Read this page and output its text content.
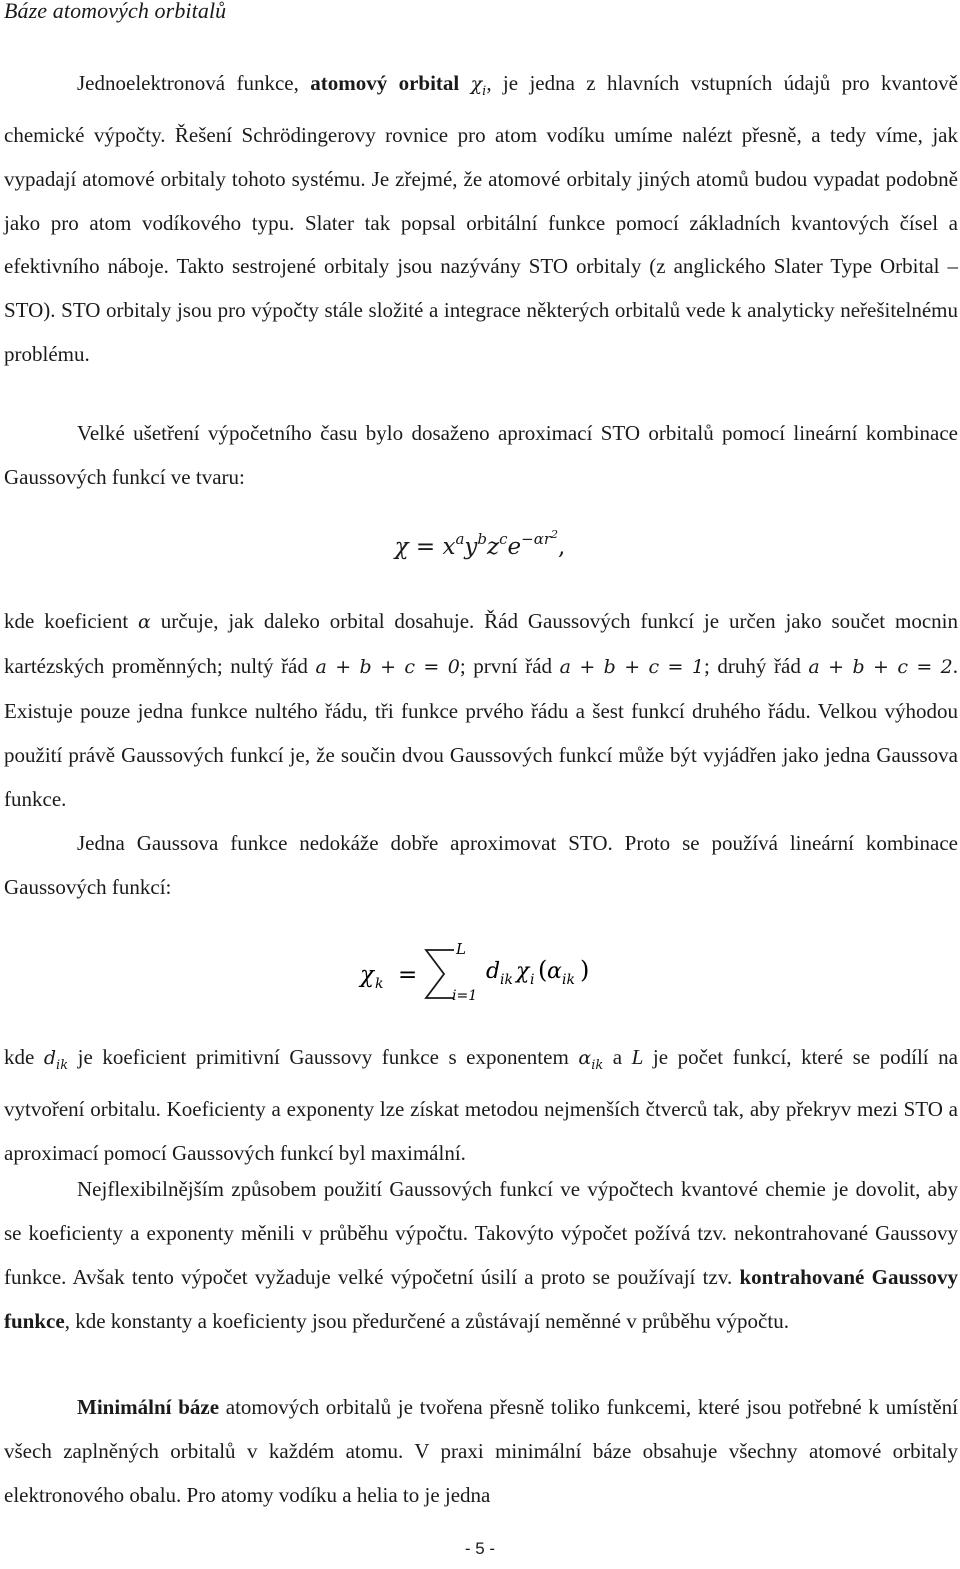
Báze atomových orbitalů

Jednoelektronová funkce, atomový orbital $\chi_i$, je jedna z hlavních vstupních údajů pro kvantově chemické výpočty. Řešení Schrödingerovy rovnice pro atom vodíku umíme nalézt přesně, a tedy víme, jak vypadají atomové orbitaly tohoto systému. Je zřejmé, že atomové orbitaly jiných atomů budou vypadat podobně jako pro atom vodíkového typu. Slater tak popsal orbitální funkce pomocí základních kvantových čísel a efektivního náboje. Takto sestrojené orbitaly jsou nazývány STO orbitaly (z anglického Slater Type Orbital – STO). STO orbitaly jsou pro výpočty stále složité a integrace některých orbitalů vede k analyticky neřešitelnému problému.

Velké ušetření výpočetního času bylo dosaženo aproximací STO orbitalů pomocí lineární kombinace Gaussových funkcí ve tvaru:

$\chi = x^ay^bz^ce^{-\alpha r^2}$,

kde koeficient α určuje, jak daleko orbital dosahuje. Řád Gaussových funkcí je určen jako součet mocnin kartézských proměnných; nultý řád a + b + c = 0; první řád a + b + c = 1; druhý řád a + b + c = 2. Existuje pouze jedna funkce nultého řádu, tři funkce prvého řádu a šest funkcí druhého řádu. Velkou výhodou použití právě Gaussových funkcí je, že součin dvou Gaussových funkcí může být vyjádřen jako jedna Gaussova funkce.

Jedna Gaussova funkce nedokáže dobře aproximovat STO. Proto se používá lineární kombinace Gaussových funkcí:

χ k =
L
i=1
d ik χ i ( α ik )

kde $d_{ik}$ je koeficient primitivní Gaussovy funkce s exponentem $\alpha_{ik}$ a L je počet funkcí, které se podílí na vytvoření orbitalu. Koeficienty a exponenty lze získat metodou nejmenších čtverců tak, aby překryv mezi STO a aproximací pomocí Gaussových funkcí byl maximální.

Nejflexibilnějším způsobem použití Gaussových funkcí ve výpočtech kvantové chemie je dovolit, aby se koeficienty a exponenty měnili v průběhu výpočtu. Takovýto výpočet požívá tzv. nekontrahované Gaussovy funkce. Avšak tento výpočet vyžaduje velké výpočetní úsilí a proto se používají tzv. kontrahované Gaussovy funkce, kde konstanty a koeficienty jsou předurčené a zůstávají neměnné v průběhu výpočtu.

Minimální báze atomových orbitalů je tvořena přesně toliko funkcemi, které jsou potřebné k umístění všech zaplněných orbitalů v každém atomu. V praxi minimální báze obsahuje všechny atomové orbitaly elektronového obalu. Pro atomy vodíku a helia to je jedna

- 5 -
